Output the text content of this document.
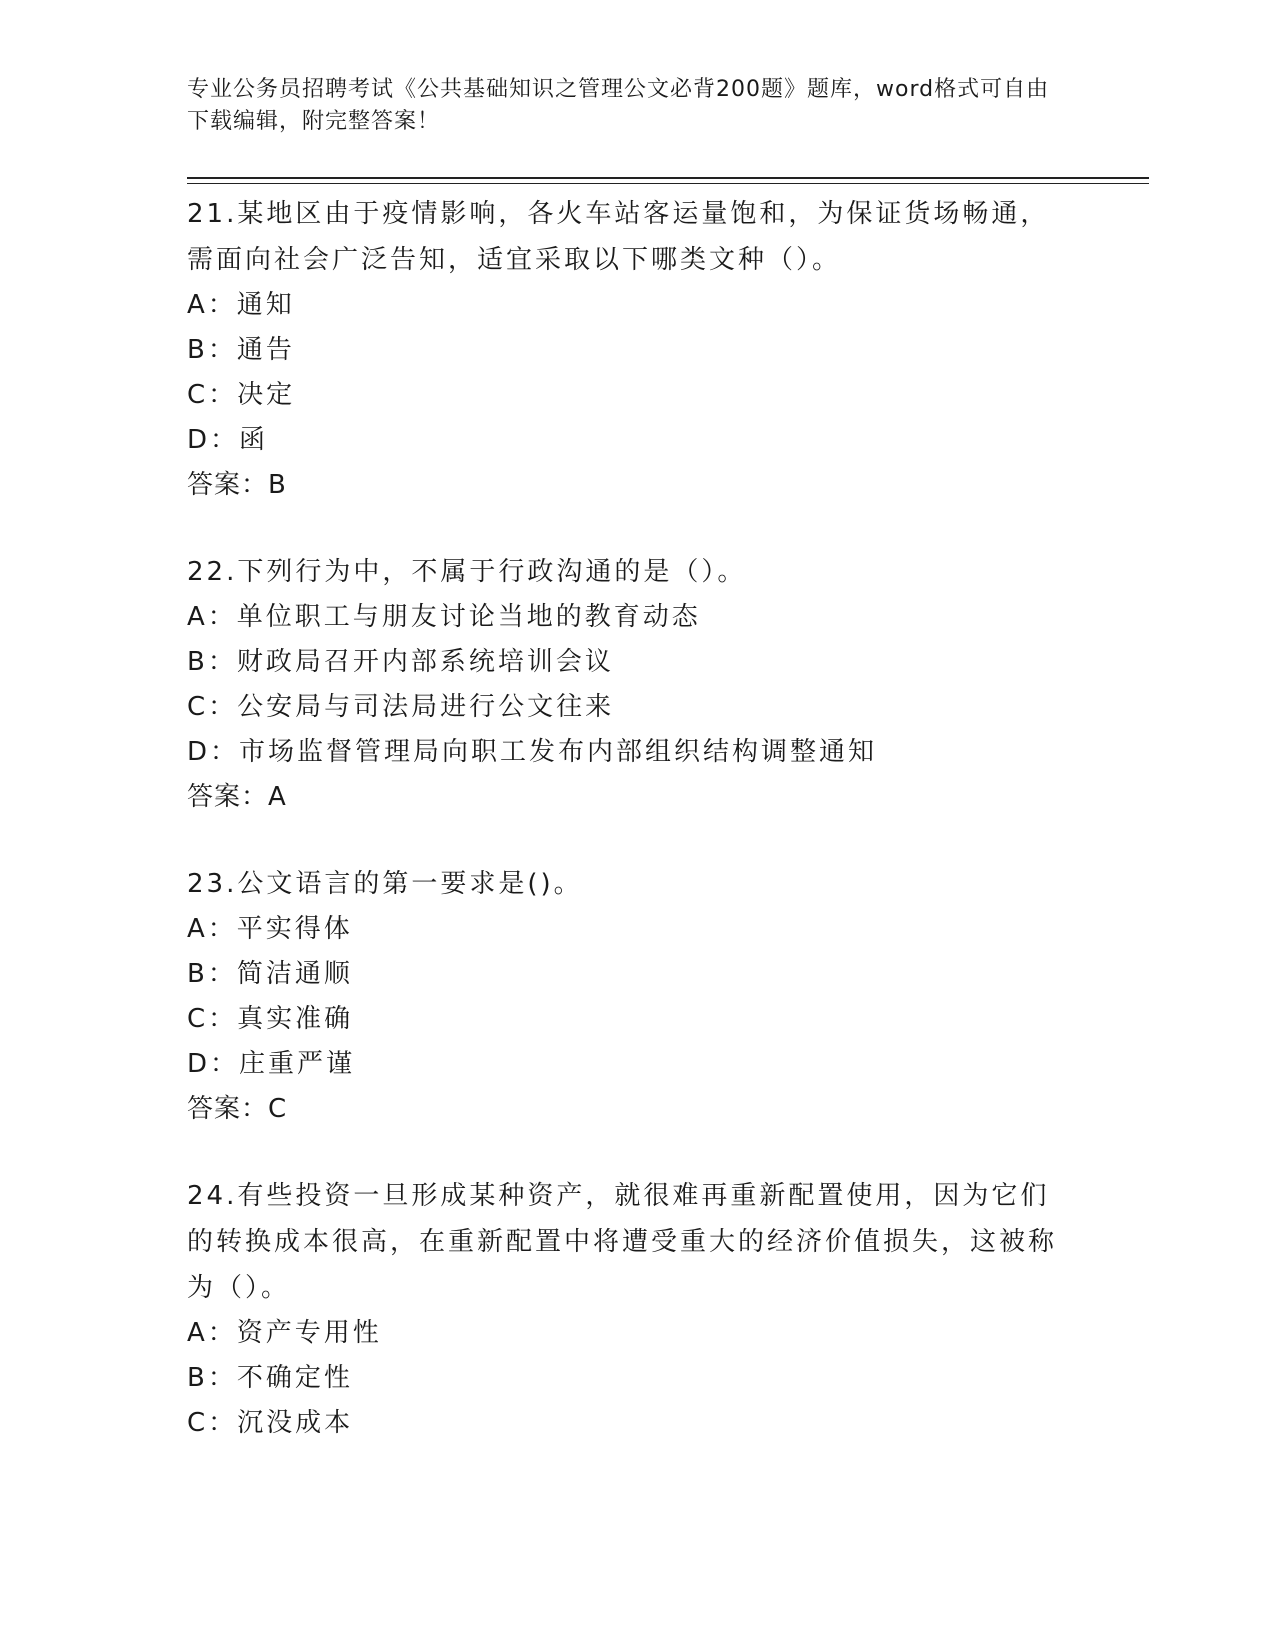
专业公务员招聘考试《公共基础知识之管理公文必背200题》题库，word格式可自由下载编辑，附完整答案！
21.某地区由于疫情影响，各火车站客运量饱和，为保证货场畅通，需面向社会广泛告知，适宜采取以下哪类文种（）。
A：通知
B：通告
C：决定
D：函
答案：B
22.下列行为中，不属于行政沟通的是（）。
A：单位职工与朋友讨论当地的教育动态
B：财政局召开内部系统培训会议
C：公安局与司法局进行公文往来
D：市场监督管理局向职工发布内部组织结构调整通知
答案：A
23.公文语言的第一要求是()。
A：平实得体
B：简洁通顺
C：真实准确
D：庄重严谨
答案：C
24.有些投资一旦形成某种资产，就很难再重新配置使用，因为它们的转换成本很高，在重新配置中将遭受重大的经济价值损失，这被称为（）。
A：资产专用性
B：不确定性
C：沉没成本
